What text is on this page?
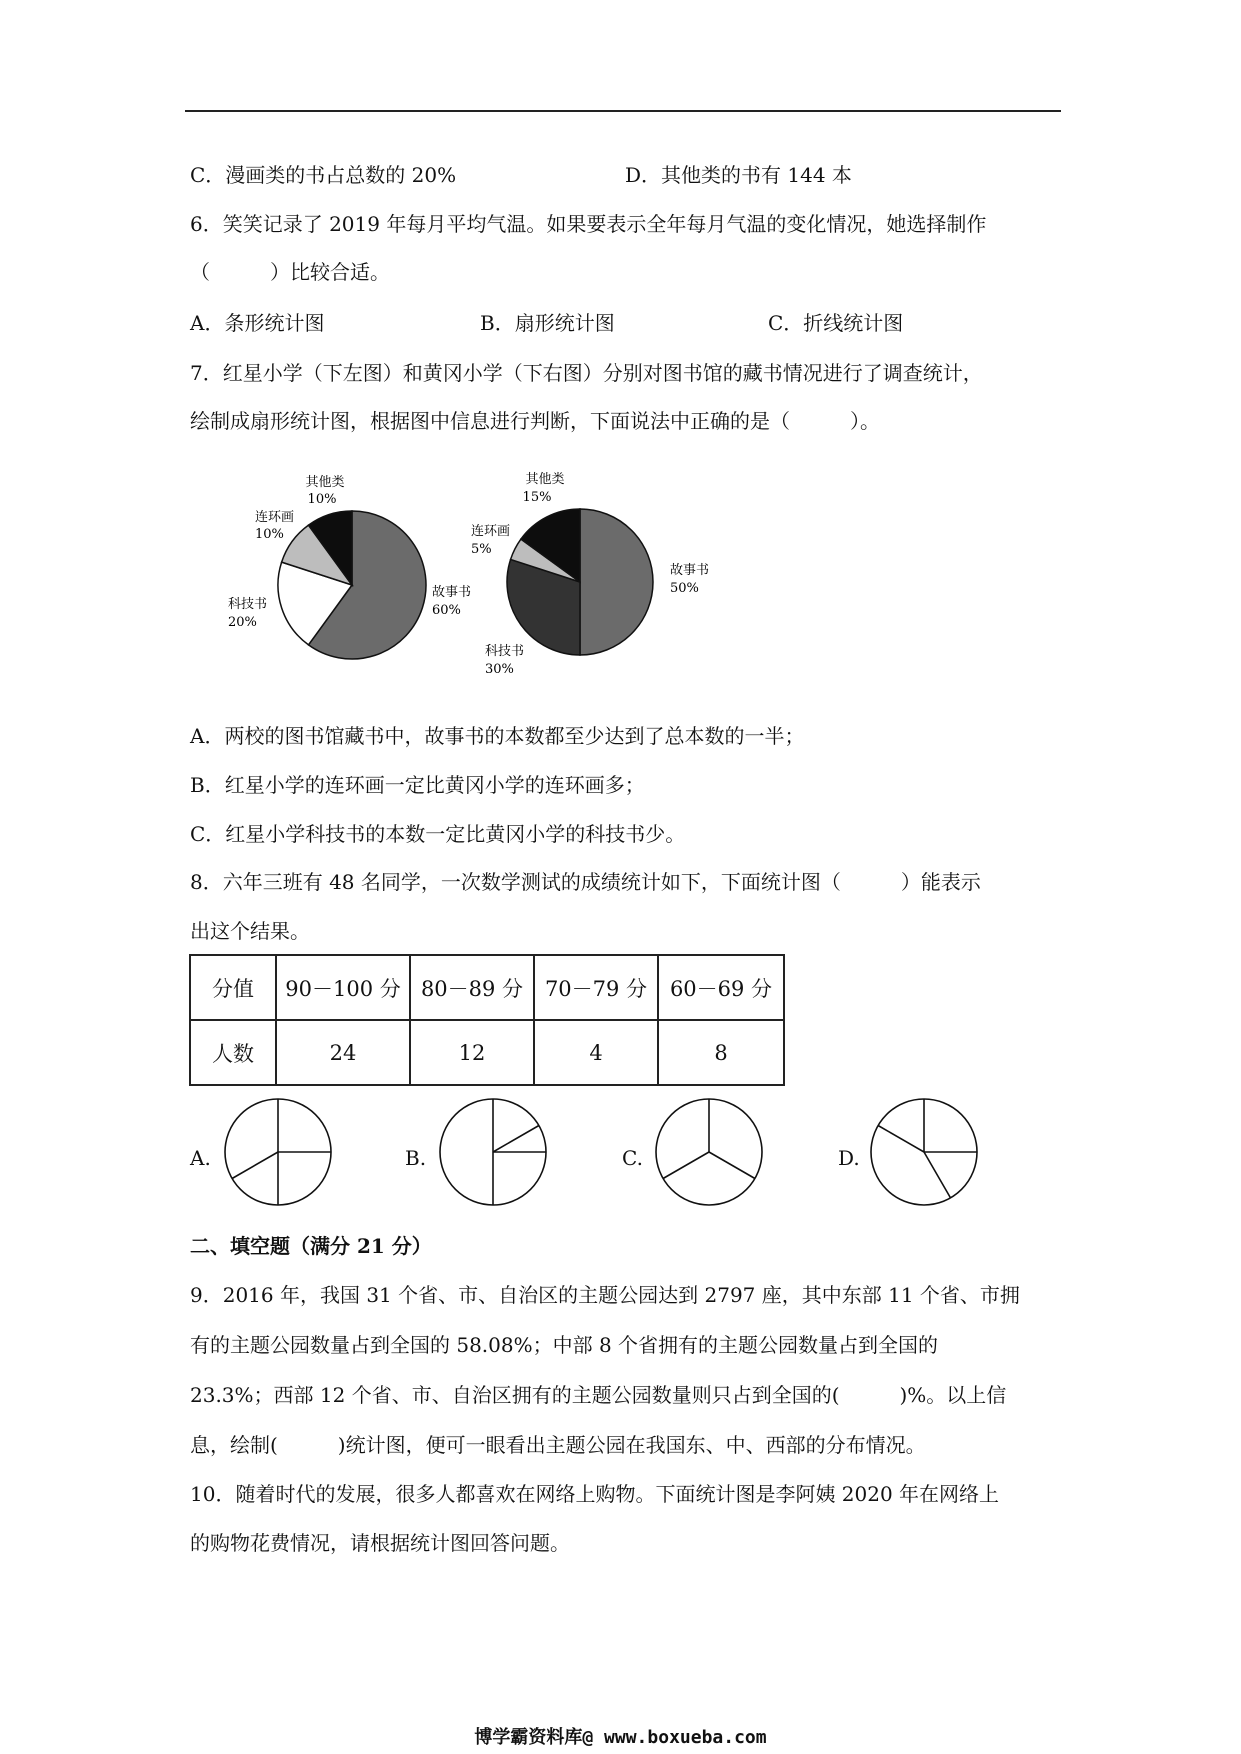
C．漫画类的书占总数的 20%	D．其他类的书有 144 本
6．笑笑记录了 2019 年每月平均气温。如果要表示全年每月气温的变化情况，她选择制作
（　　　）比较合适。
A．条形统计图	B．扇形统计图	C．折线统计图
7．红星小学（下左图）和黄冈小学（下右图）分别对图书馆的藏书情况进行了调查统计，
绘制成扇形统计图，根据图中信息进行判断，下面说法中正确的是（　　　）。
其他类
10%
连环画
10%
科技书
20%
故事书
60%
其他类
15%
连环画
5%
故事书
50%
科技书
30%
A．两校的图书馆藏书中，故事书的本数都至少达到了总本数的一半；
B．红星小学的连环画一定比黄冈小学的连环画多；
C．红星小学科技书的本数一定比黄冈小学的科技书少。
8．六年三班有 48 名同学，一次数学测试的成绩统计如下，下面统计图（　　　）能表示
出这个结果。
分值	90－100 分	80－89 分	70－79 分	60－69 分
人数	24	12	4	8
A.	B.	C.	D.
二、填空题（满分 21 分）
9．2016 年，我国 31 个省、市、自治区的主题公园达到 2797 座，其中东部 11 个省、市拥
有的主题公园数量占到全国的 58.08%；中部 8 个省拥有的主题公园数量占到全国的
23.3%；西部 12 个省、市、自治区拥有的主题公园数量则只占到全国的(　　　)%。以上信
息，绘制(　　　)统计图，便可一眼看出主题公园在我国东、中、西部的分布情况。
10．随着时代的发展，很多人都喜欢在网络上购物。下面统计图是李阿姨 2020 年在网络上
的购物花费情况，请根据统计图回答问题。
博学霸资料库@ www.boxueba.com
